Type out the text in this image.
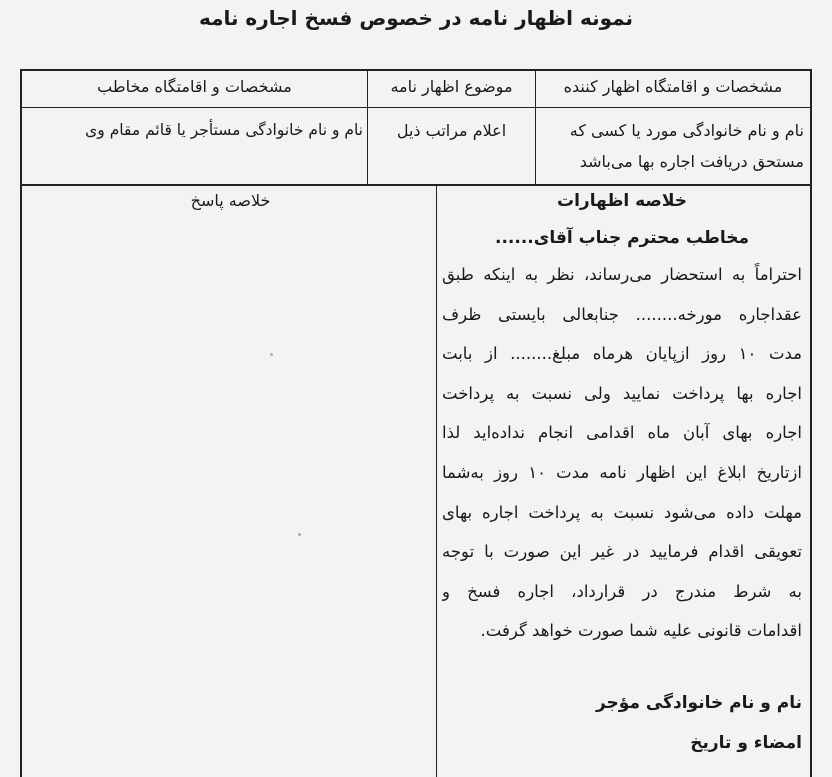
نمونه اظهار نامه در خصوص فسخ اجاره نامه
مشخصات و اقامتگاه اظهار کننده
نام و نام خانوادگی مورد یا کسی که
مستحق دریافت اجاره بها می‌باشد
موضوع اظهار نامه
اعلام مراتب ذیل
مشخصات و اقامتگاه مخاطب
نام و نام خانوادگی مستأجر یا قائم مقام وی
خلاصه اظهارات
مخاطب محترم جناب آقای......
احتراماً به استحضار می‌رساند، نظر به اینکه طبق
عقداجاره مورخه........ جنابعالی بایستی ظرف
مدت ۱۰ روز ازپایان هرماه مبلغ........ از بابت
اجاره بها پرداخت نمایید ولی نسبت به پرداخت
اجاره بهای آبان ماه اقدامی انجام نداده‌اید لذا
ازتاریخ ابلاغ این اظهار نامه مدت ۱۰ روز به‌شما
مهلت داده می‌شود نسبت به پرداخت اجاره بهای
تعویقی اقدام فرمایید در غیر این صورت با توجه
به شرط مندرج در قرارداد، اجاره فسخ و
اقدامات قانونی علیه شما صورت خواهد گرفت.
نام و نام خانوادگی مؤجر
امضاء و تاریخ
خلاصه پاسخ
